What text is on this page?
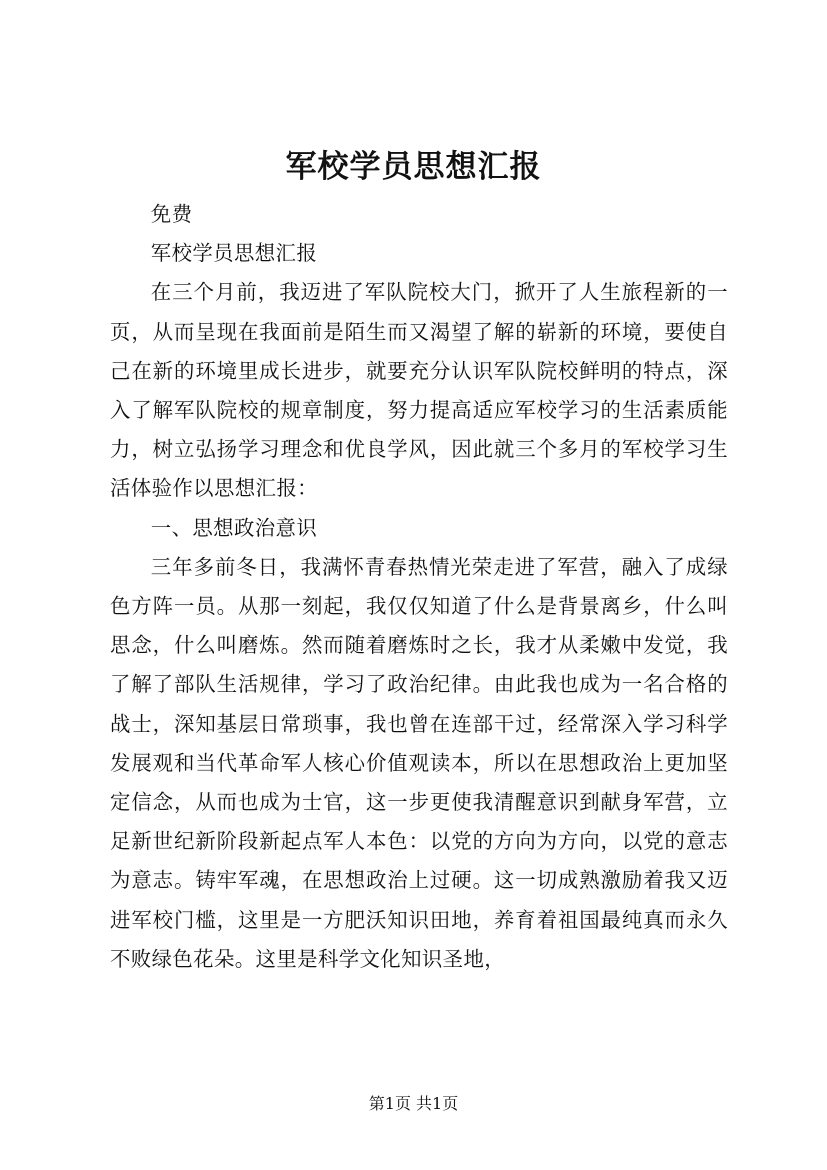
军校学员思想汇报

免费

军校学员思想汇报

在三个月前，我迈进了军队院校大门，掀开了人生旅程新的一页，从而呈现在我面前是陌生而又渴望了解的崭新的环境，要使自己在新的环境里成长进步，就要充分认识军队院校鲜明的特点，深入了解军队院校的规章制度，努力提高适应军校学习的生活素质能力，树立弘扬学习理念和优良学风，因此就三个多月的军校学习生活体验作以思想汇报：

一、思想政治意识

三年多前冬日，我满怀青春热情光荣走进了军营，融入了成绿色方阵一员。从那一刻起，我仅仅知道了什么是背景离乡，什么叫思念，什么叫磨炼。然而随着磨炼时之长，我才从柔嫩中发觉，我了解了部队生活规律，学习了政治纪律。由此我也成为一名合格的战士，深知基层日常琐事，我也曾在连部干过，经常深入学习科学发展观和当代革命军人核心价值观读本，所以在思想政治上更加坚定信念，从而也成为士官，这一步更使我清醒意识到献身军营，立足新世纪新阶段新起点军人本色：以党的方向为方向，以党的意志为意志。铸牢军魂，在思想政治上过硬。这一切成熟激励着我又迈进军校门槛，这里是一方肥沃知识田地，养育着祖国最纯真而永久不败绿色花朵。这里是科学文化知识圣地，

第1页 共1页
